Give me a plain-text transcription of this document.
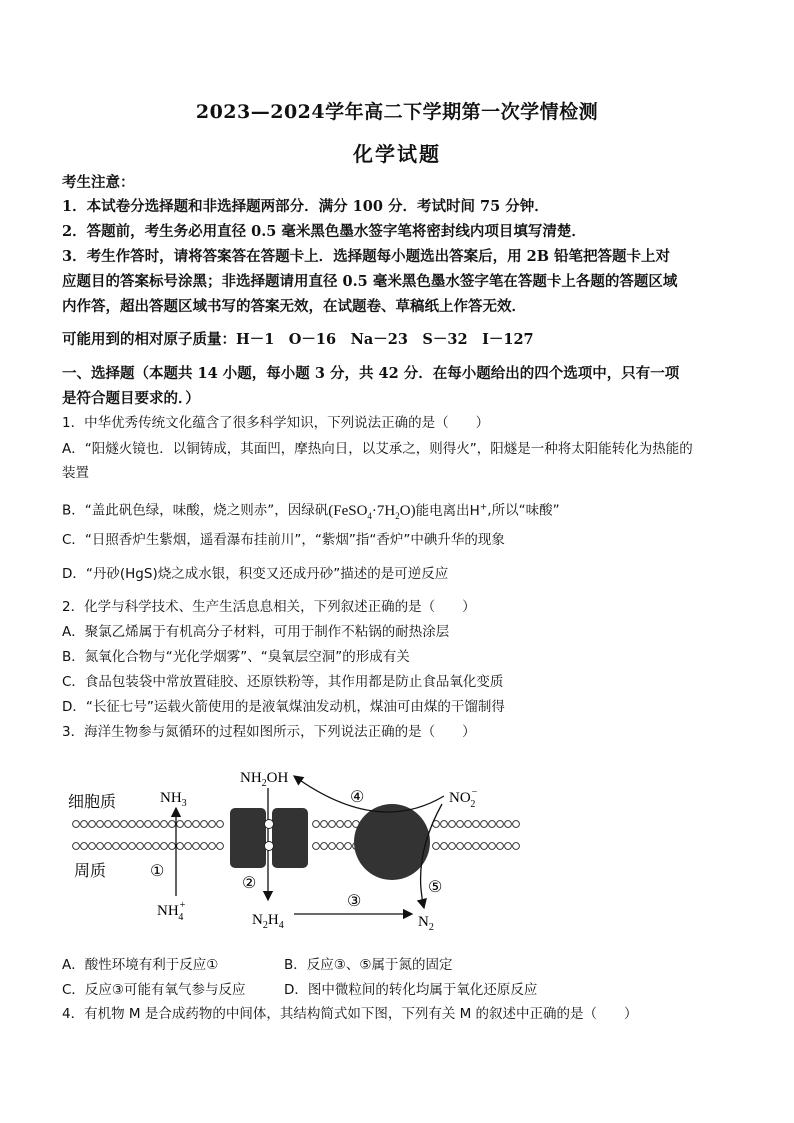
2023—2024学年高二下学期第一次学情检测
化学试题
考生注意：
1．本试卷分选择题和非选择题两部分．满分 100 分．考试时间 75 分钟．
2．答题前，考生务必用直径 0.5 毫米黑色墨水签字笔将密封线内项目填写清楚．
3．考生作答时，请将答案答在答题卡上．选择题每小题选出答案后，用 2B 铅笔把答题卡上对
应题目的答案标号涂黑；非选择题请用直径 0.5 毫米黑色墨水签字笔在答题卡上各题的答题区域
内作答，超出答题区域书写的答案无效，在试题卷、草稿纸上作答无效．
可能用到的相对原子质量：H－1　O－16　Na－23　S－32　I－127
一、选择题（本题共 14 小题，每小题 3 分，共 42 分．在每小题给出的四个选项中，只有一项
是符合题目要求的．）
1．中华优秀传统文化蕴含了很多科学知识，下列说法正确的是（　　）
A．“阳燧火镜也．以铜铸成，其面凹，摩热向日，以艾承之，则得火”，阳燧是一种将太阳能转化为热能的
装置
B．“盖此矾色绿，味酸，烧之则赤”，因绿矾$(FeSO_4\cdot 7H_2O)$能电离出H+,所以“味酸”
C．“日照香炉生紫烟，遥看瀑布挂前川”，“紫烟”指“香炉”中碘升华的现象
D．“丹砂(HgS)烧之成水银，积变又还成丹砂”描述的是可逆反应
2．化学与科学技术、生产生活息息相关，下列叙述正确的是（　　）
A．聚氯乙烯属于有机高分子材料，可用于制作不粘锅的耐热涂层
B．氮氧化合物与“光化学烟雾”、“臭氧层空洞”的形成有关
C．食品包装袋中常放置硅胶、还原铁粉等，其作用都是防止食品氧化变质
D．“长征七号”运载火箭使用的是液氧煤油发动机，煤油可由煤的干馏制得
3．海洋生物参与氮循环的过程如图所示，下列说法正确的是（　　）
细胞质
周质
$NH_3$
$NH_2OH$
NO− 2
NH+ 4	$N_2H_4$	$N_2$
①
②
③
④
⑤
A．酸性环境有利于反应①	B．反应③、⑤属于氮的固定
C．反应③可能有氧气参与反应	D．图中微粒间的转化均属于氧化还原反应
4．有机物 M 是合成药物的中间体，其结构简式如下图，下列有关 M 的叙述中正确的是（　　）
